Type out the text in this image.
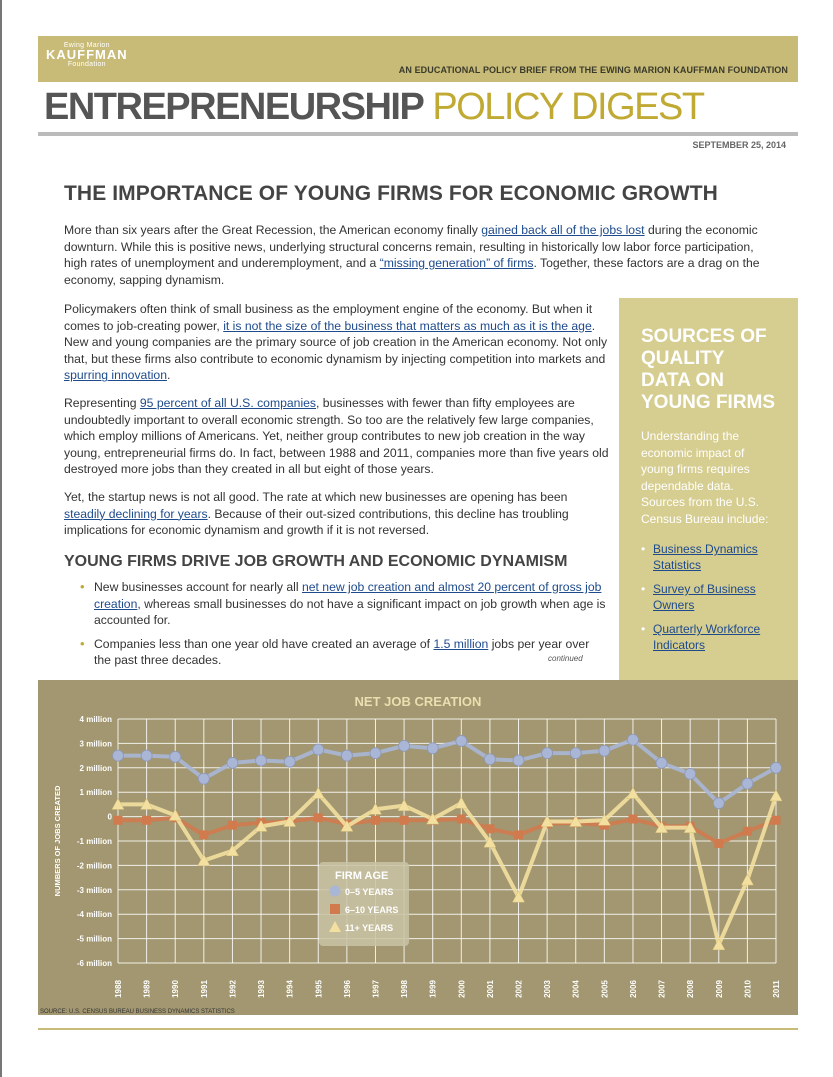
Ewing Marion
KAUFFMAN
Foundation
AN EDUCATIONAL POLICY BRIEF FROM THE EWING MARION KAUFFMAN FOUNDATION
ENTREPRENEURSHIP POLICY DIGEST
SEPTEMBER 25, 2014
THE IMPORTANCE OF YOUNG FIRMS FOR ECONOMIC GROWTH

More than six years after the Great Recession, the American economy finally gained back all of the jobs lost during the economic downturn. While this is positive news, underlying structural concerns remain, resulting in historically low labor force participation, high rates of unemployment and underemployment, and a “missing generation” of firms. Together, these factors are a drag on the economy, sapping dynamism.

Policymakers often think of small business as the employment engine of the economy. But when it comes to job-creating power, it is not the size of the business that matters as much as it is the age. New and young companies are the primary source of job creation in the American economy. Not only that, but these firms also contribute to economic dynamism by injecting competition into markets and spurring innovation.

Representing 95 percent of all U.S. companies, businesses with fewer than fifty employees are undoubtedly important to overall economic strength. So too are the relatively few large companies, which employ millions of Americans. Yet, neither group contributes to new job creation in the way young, entrepreneurial firms do. In fact, between 1988 and 2011, companies more than five years old destroyed more jobs than they created in all but eight of those years.

Yet, the startup news is not all good. The rate at which new businesses are opening has been steadily declining for years. Because of their out-sized contributions, this decline has troubling implications for economic dynamism and growth if it is not reversed.

YOUNG FIRMS DRIVE JOB GROWTH AND ECONOMIC DYNAMISM
• New businesses account for nearly all net new job creation and almost 20 percent of gross job creation, whereas small businesses do not have a significant impact on job growth when age is accounted for.
• Companies less than one year old have created an average of 1.5 million jobs per year over the past three decades.	continued
SOURCES OF QUALITY DATA ON YOUNG FIRMS
Understanding the economic impact of young firms requires dependable data. Sources from the U.S. Census Bureau include:
• Business Dynamics Statistics
• Survey of Business Owners
• Quarterly Workforce Indicators
NET JOB CREATION
4 million
3 million
2 million
1 million
0
-1 million
-2 million
-3 million
-4 million
-5 million
-6 million
1988 1989 1990 1991 1992 1993 1994 1995 1996 1997 1998 1999 2000 2001 2002 2003 2004 2005 2006 2007 2008 2009 2010 2011
NUMBERS OF JOBS CREATED	FIRM AGE
0–5 YEARS
6–10 YEARS
11+ YEARS
SOURCE: U.S. CENSUS BUREAU BUSINESS DYNAMICS STATISTICS
